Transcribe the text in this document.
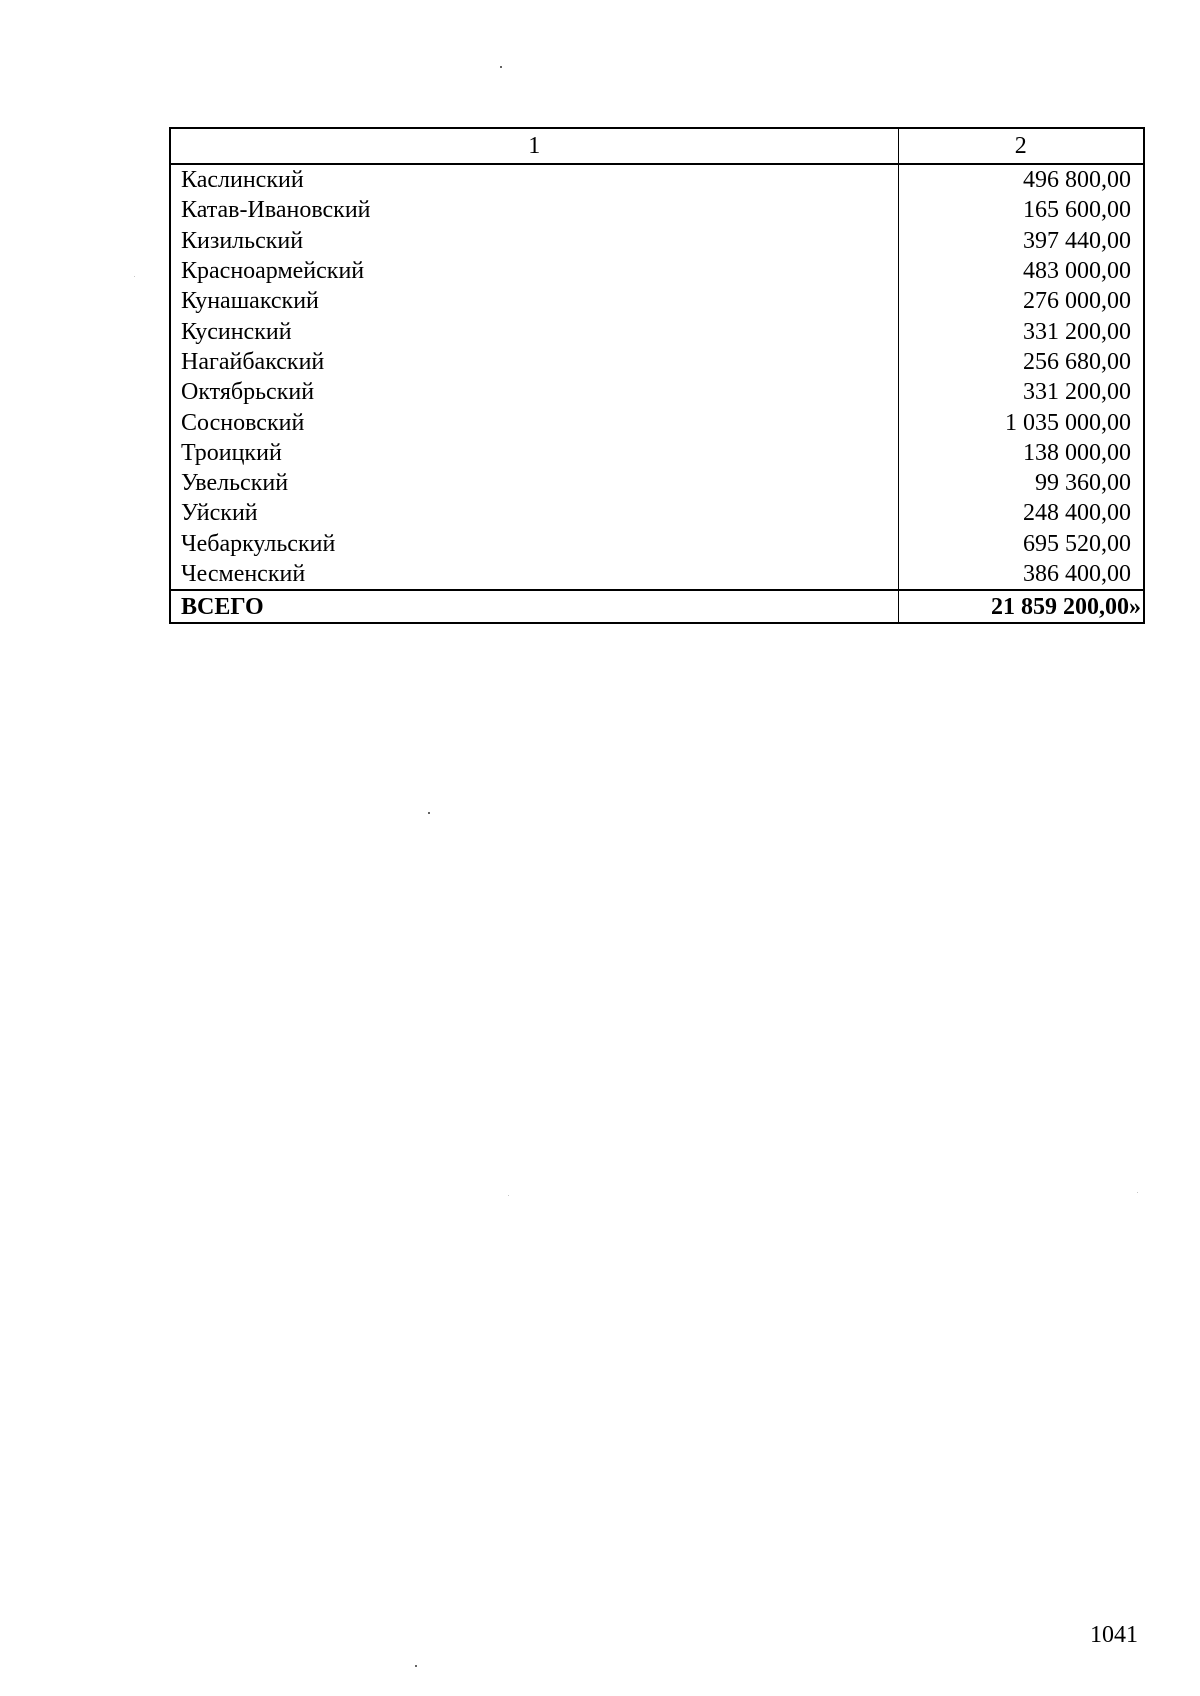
1	2
Каслинский	496 800,00
Катав-Ивановский	165 600,00
Кизильский	397 440,00
Красноармейский	483 000,00
Кунашакский	276 000,00
Кусинский	331 200,00
Нагайбакский	256 680,00
Октябрьский	331 200,00
Сосновский	1 035 000,00
Троицкий	138 000,00
Увельский	99 360,00
Уйский	248 400,00
Чебаркульский	695 520,00
Чесменский	386 400,00
ВСЕГО	21 859 200,00»
1041
